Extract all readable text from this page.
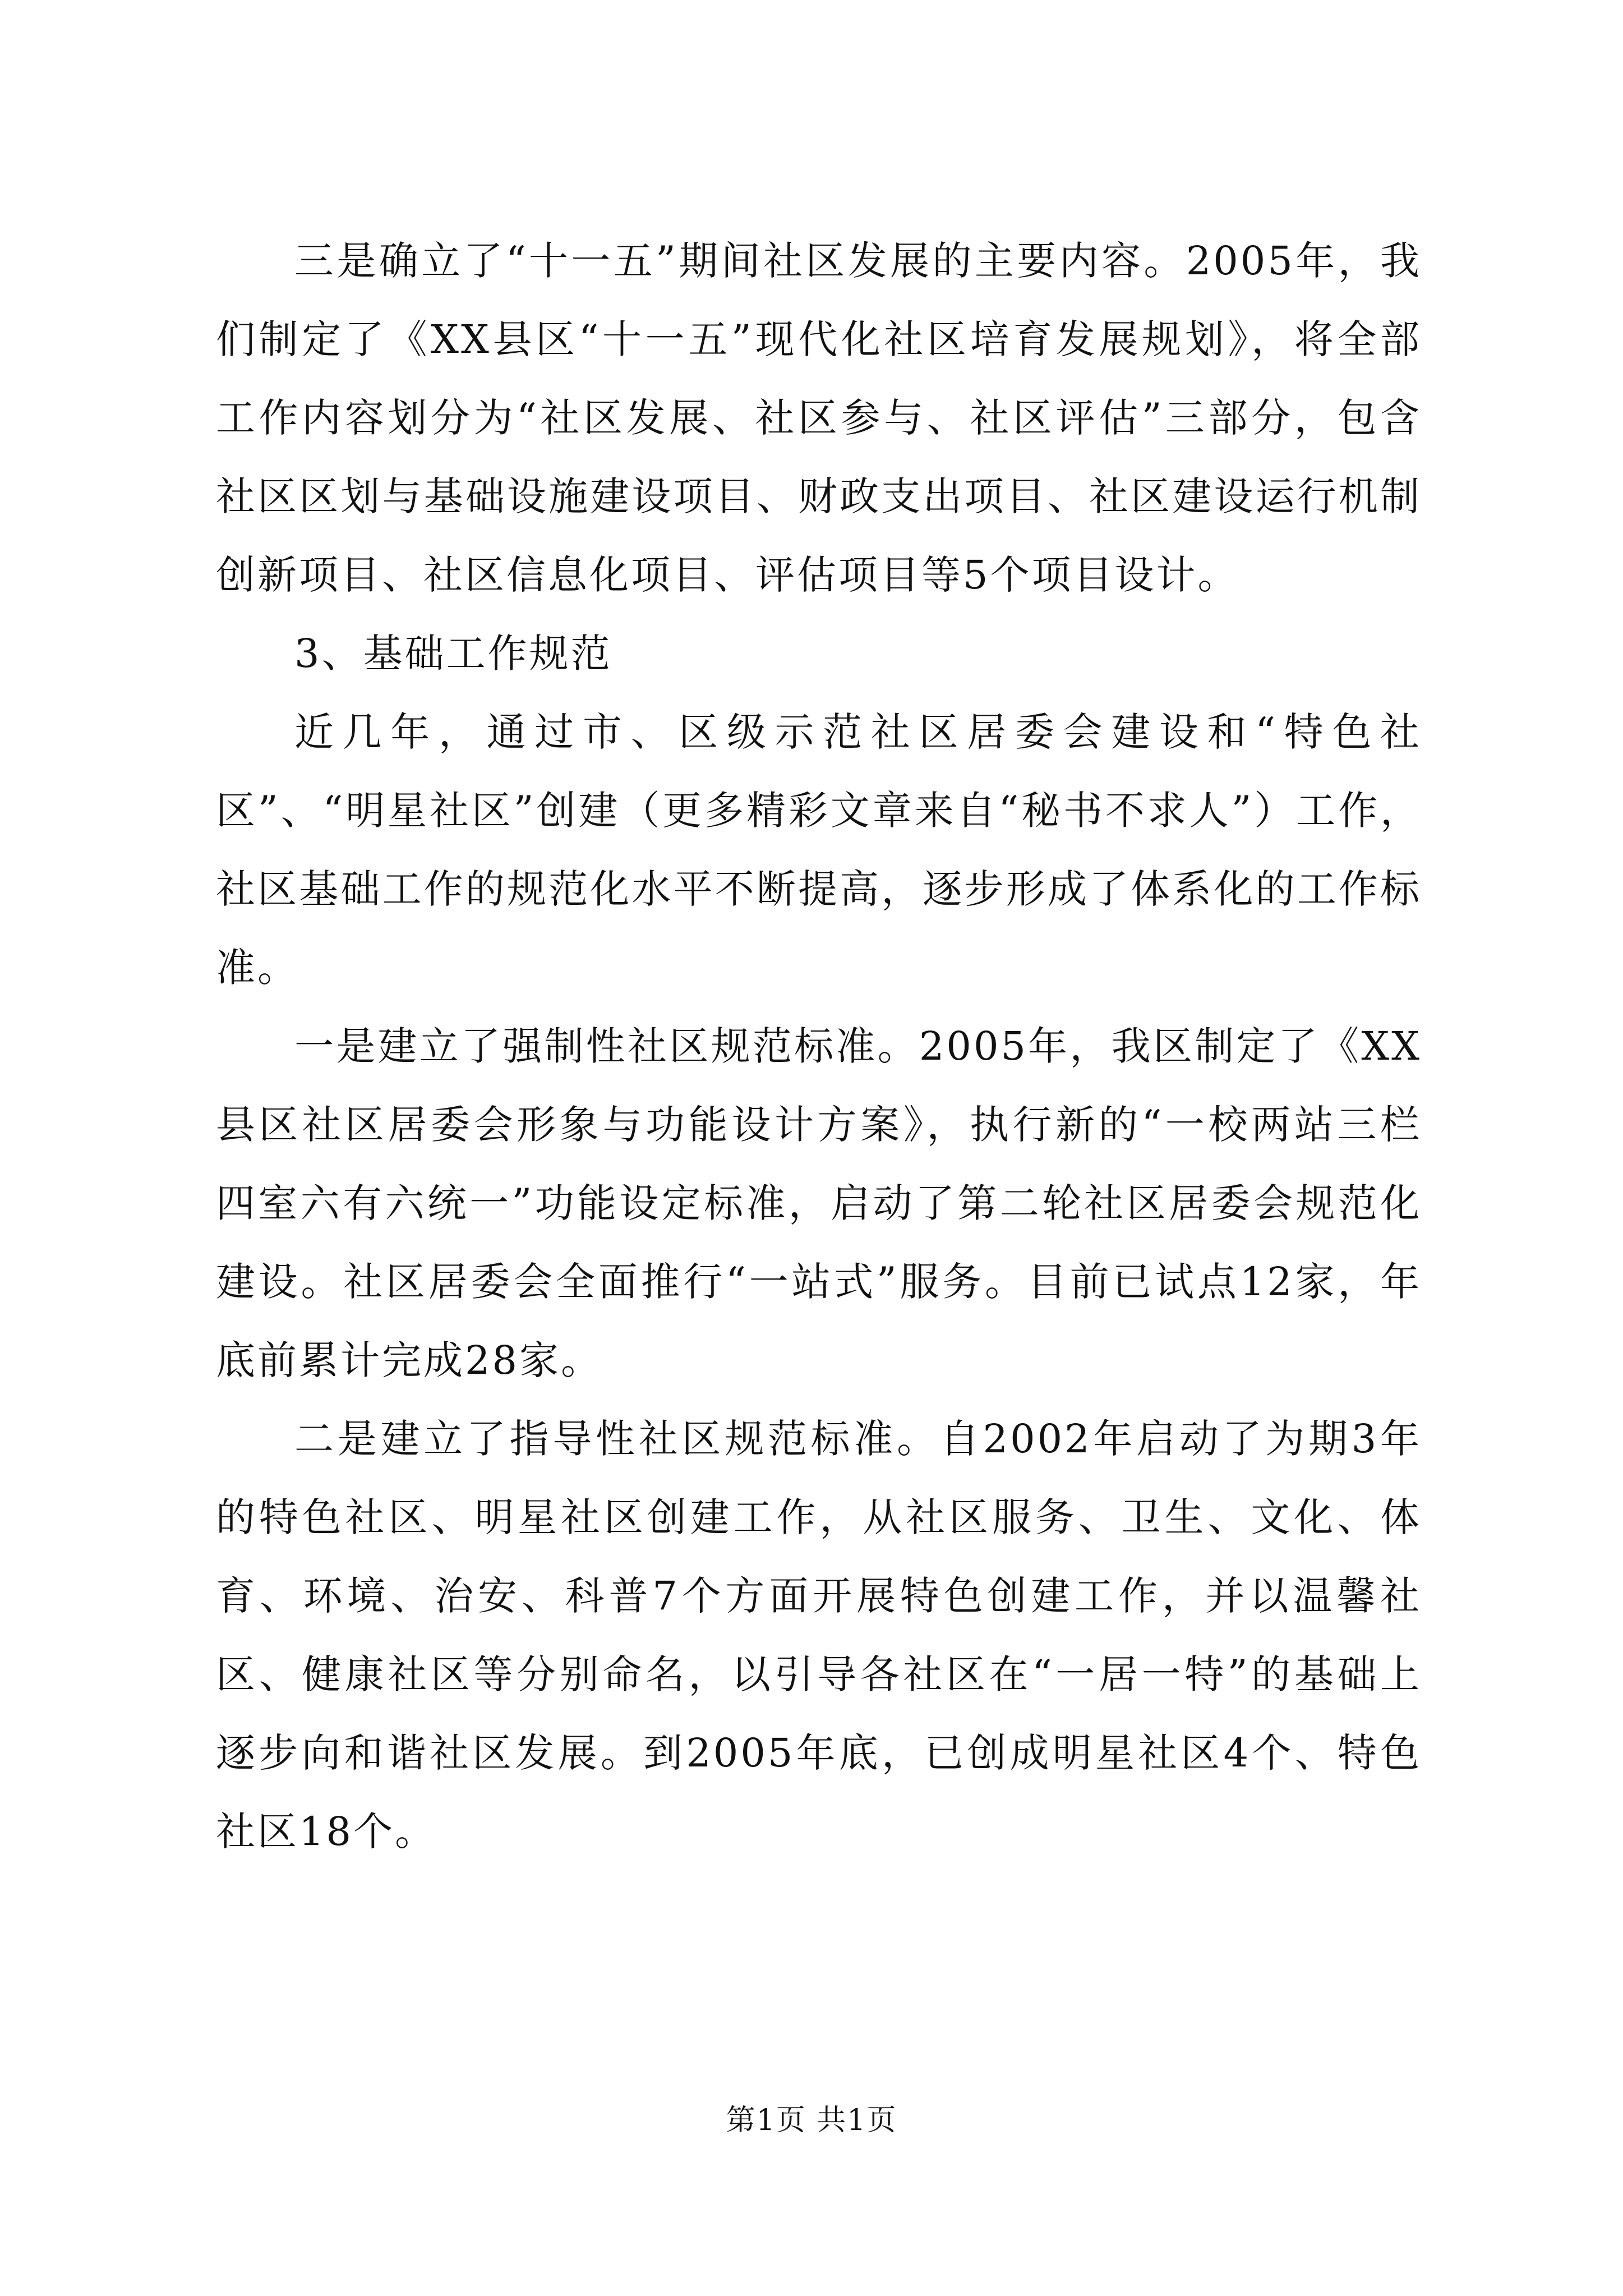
三是确立了“十一五”期间社区发展的主要内容。2005年，我们制定了《XX县区“十一五”现代化社区培育发展规划》，将全部工作内容划分为“社区发展、社区参与、社区评估”三部分，包含社区区划与基础设施建设项目、财政支出项目、社区建设运行机制创新项目、社区信息化项目、评估项目等5个项目设计。

3、基础工作规范

近几年，通过市、区级示范社区居委会建设和“特色社区”、“明星社区”创建（更多精彩文章来自“秘书不求人”）工作，社区基础工作的规范化水平不断提高，逐步形成了体系化的工作标准。

一是建立了强制性社区规范标准。2005年，我区制定了《XX县区社区居委会形象与功能设计方案》，执行新的“一校两站三栏四室六有六统一”功能设定标准，启动了第二轮社区居委会规范化建设。社区居委会全面推行“一站式”服务。目前已试点12家，年底前累计完成28家。

二是建立了指导性社区规范标准。自2002年启动了为期3年的特色社区、明星社区创建工作，从社区服务、卫生、文化、体育、环境、治安、科普7个方面开展特色创建工作，并以温馨社区、健康社区等分别命名，以引导各社区在“一居一特”的基础上逐步向和谐社区发展。到2005年底，已创成明星社区4个、特色社区18个。

第1页 共1页
